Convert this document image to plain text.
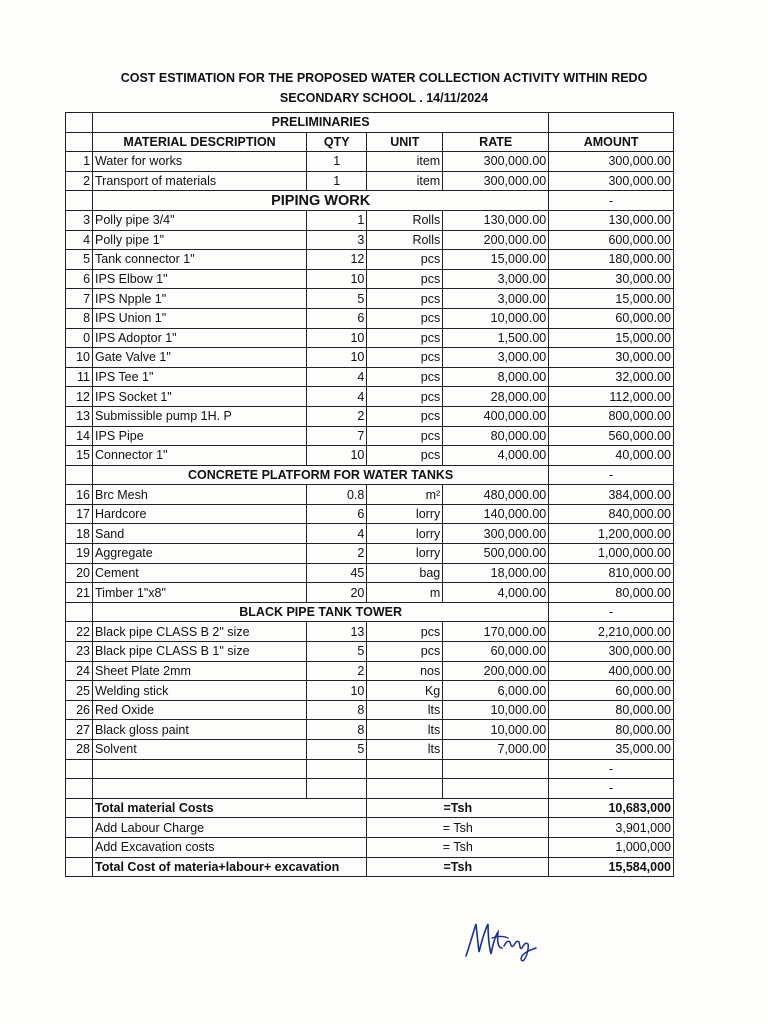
COST ESTIMATION FOR THE PROPOSED WATER COLLECTION ACTIVITY WITHIN REDO
SECONDARY SCHOOL . 14/11/2024
	PRELIMINARIES				
	MATERIAL DESCRIPTION	QTY	UNIT	RATE	AMOUNT
1	Water for works	1	item	300,000.00	300,000.00
2	Transport of materials	1	item	300,000.00	300,000.00
	PIPING WORK				-
3	Polly pipe 3/4"	1	Rolls	130,000.00	130,000.00
4	Polly pipe 1"	3	Rolls	200,000.00	600,000.00
5	Tank connector 1"	12	pcs	15,000.00	180,000.00
6	IPS Elbow 1"	10	pcs	3,000.00	30,000.00
7	IPS Npple 1"	5	pcs	3,000.00	15,000.00
8	IPS Union 1"	6	pcs	10,000.00	60,000.00
0	IPS Adoptor 1"	10	pcs	1,500.00	15,000.00
10	Gate Valve 1"	10	pcs	3,000.00	30,000.00
11	IPS Tee 1"	4	pcs	8,000.00	32,000.00
12	IPS Socket 1"	4	pcs	28,000.00	112,000.00
13	Submissible pump 1H. P	2	pcs	400,000.00	800,000.00
14	IPS Pipe	7	pcs	80,000.00	560,000.00
15	Connector 1"	10	pcs	4,000.00	40,000.00
	CONCRETE PLATFORM FOR WATER TANKS				-
16	Brc Mesh	0.8	m²	480,000.00	384,000.00
17	Hardcore	6	lorry	140,000.00	840,000.00
18	Sand	4	lorry	300,000.00	1,200,000.00
19	Aggregate	2	lorry	500,000.00	1,000,000.00
20	Cement	45	bag	18,000.00	810,000.00
21	Timber 1"x8"	20	m	4,000.00	80,000.00
	BLACK PIPE TANK TOWER				-
22	Black pipe CLASS B 2" size	13	pcs	170,000.00	2,210,000.00
23	Black pipe CLASS B 1" size	5	pcs	60,000.00	300,000.00
24	Sheet Plate 2mm	2	nos	200,000.00	400,000.00
25	Welding stick	10	Kg	6,000.00	60,000.00
26	Red Oxide	8	lts	10,000.00	80,000.00
27	Black gloss paint	8	lts	10,000.00	80,000.00
28	Solvent	5	lts	7,000.00	35,000.00
					-
					-
	Total material Costs		=Tsh		10,683,000
	Add Labour Charge		= Tsh		3,901,000
	Add Excavation costs		= Tsh		1,000,000
	Total Cost of materia+labour+ excavation		=Tsh		15,584,000
